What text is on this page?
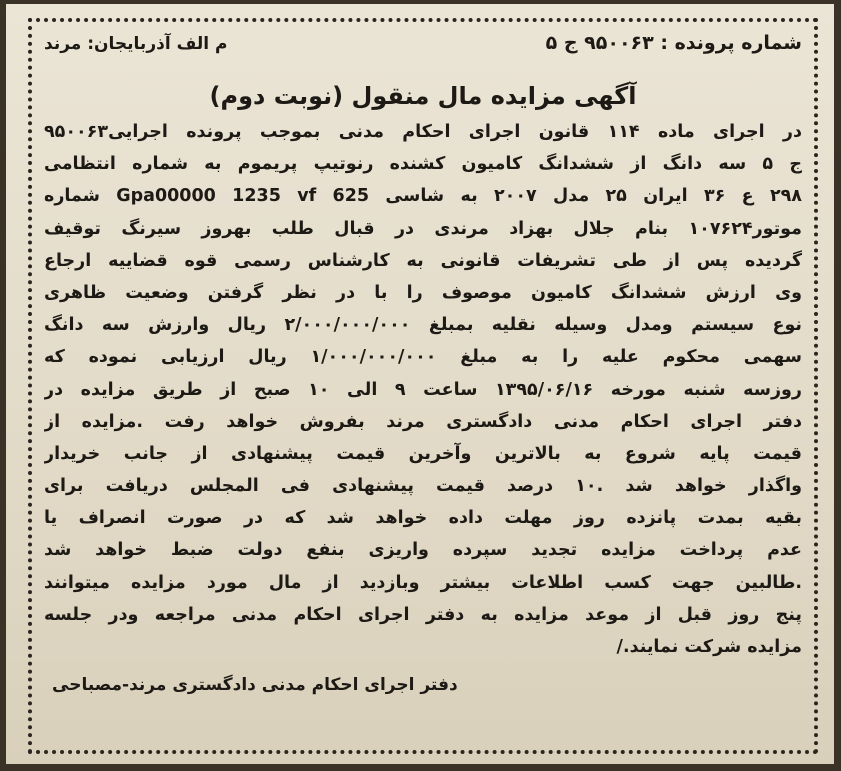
شماره پرونده : ۹۵۰۰۶۳ ج ۵
م الف آذربایجان: مرند
آگهی مزایده مال منقول (نوبت دوم)
در اجرای ماده ۱۱۴ قانون اجرای احکام مدنی بموجب پرونده اجرایی۹۵۰۰۶۳
ج ۵ سه دانگ از ششدانگ کامیون کشنده رنوتیپ پریموم به شماره انتظامی
۲۹۸ ع ۳۶ ایران ۲۵ مدل ۲۰۰۷ به شاسی Gpa00000 1235 vf 625 شماره
موتور۱۰۷۶۲۴ بنام جلال بهزاد مرندی در قبال طلب بهروز سیرنگ توقیف
گردیده پس از طی تشریفات قانونی به کارشناس رسمی قوه قضاییه ارجاع
وی ارزش ششدانگ کامیون موصوف را با در نظر گرفتن وضعیت ظاهری
نوع سیستم ومدل وسیله نقلیه بمبلغ ۲/۰۰۰/۰۰۰/۰۰۰ ریال وارزش سه دانگ
سهمی محکوم علیه را به مبلغ ۱/۰۰۰/۰۰۰/۰۰۰ ریال ارزیابی نموده که
روزسه شنبه مورخه ۱۳۹۵/۰۶/۱۶ ساعت ۹ الی ۱۰ صبح از طریق مزایده در
دفتر اجرای احکام مدنی دادگستری مرند بفروش خواهد رفت .مزایده از
قیمت پایه شروع به بالاترین وآخرین قیمت پیشنهادی از جانب خریدار
واگذار خواهد شد .۱۰ درصد قیمت پیشنهادی فی المجلس دریافت برای
بقیه بمدت پانزده روز مهلت داده خواهد شد که در صورت انصراف یا
عدم پرداخت مزایده تجدید سپرده واریزی بنفع دولت ضبط خواهد شد
.طالبین جهت کسب اطلاعات بیشتر وبازدید از مال مورد مزایده میتوانند
پنج روز قبل از موعد مزایده به دفتر اجرای احکام مدنی مراجعه ودر جلسه
مزایده شرکت نمایند./
دفتر اجرای احکام مدنی دادگستری مرند-مصباحی
